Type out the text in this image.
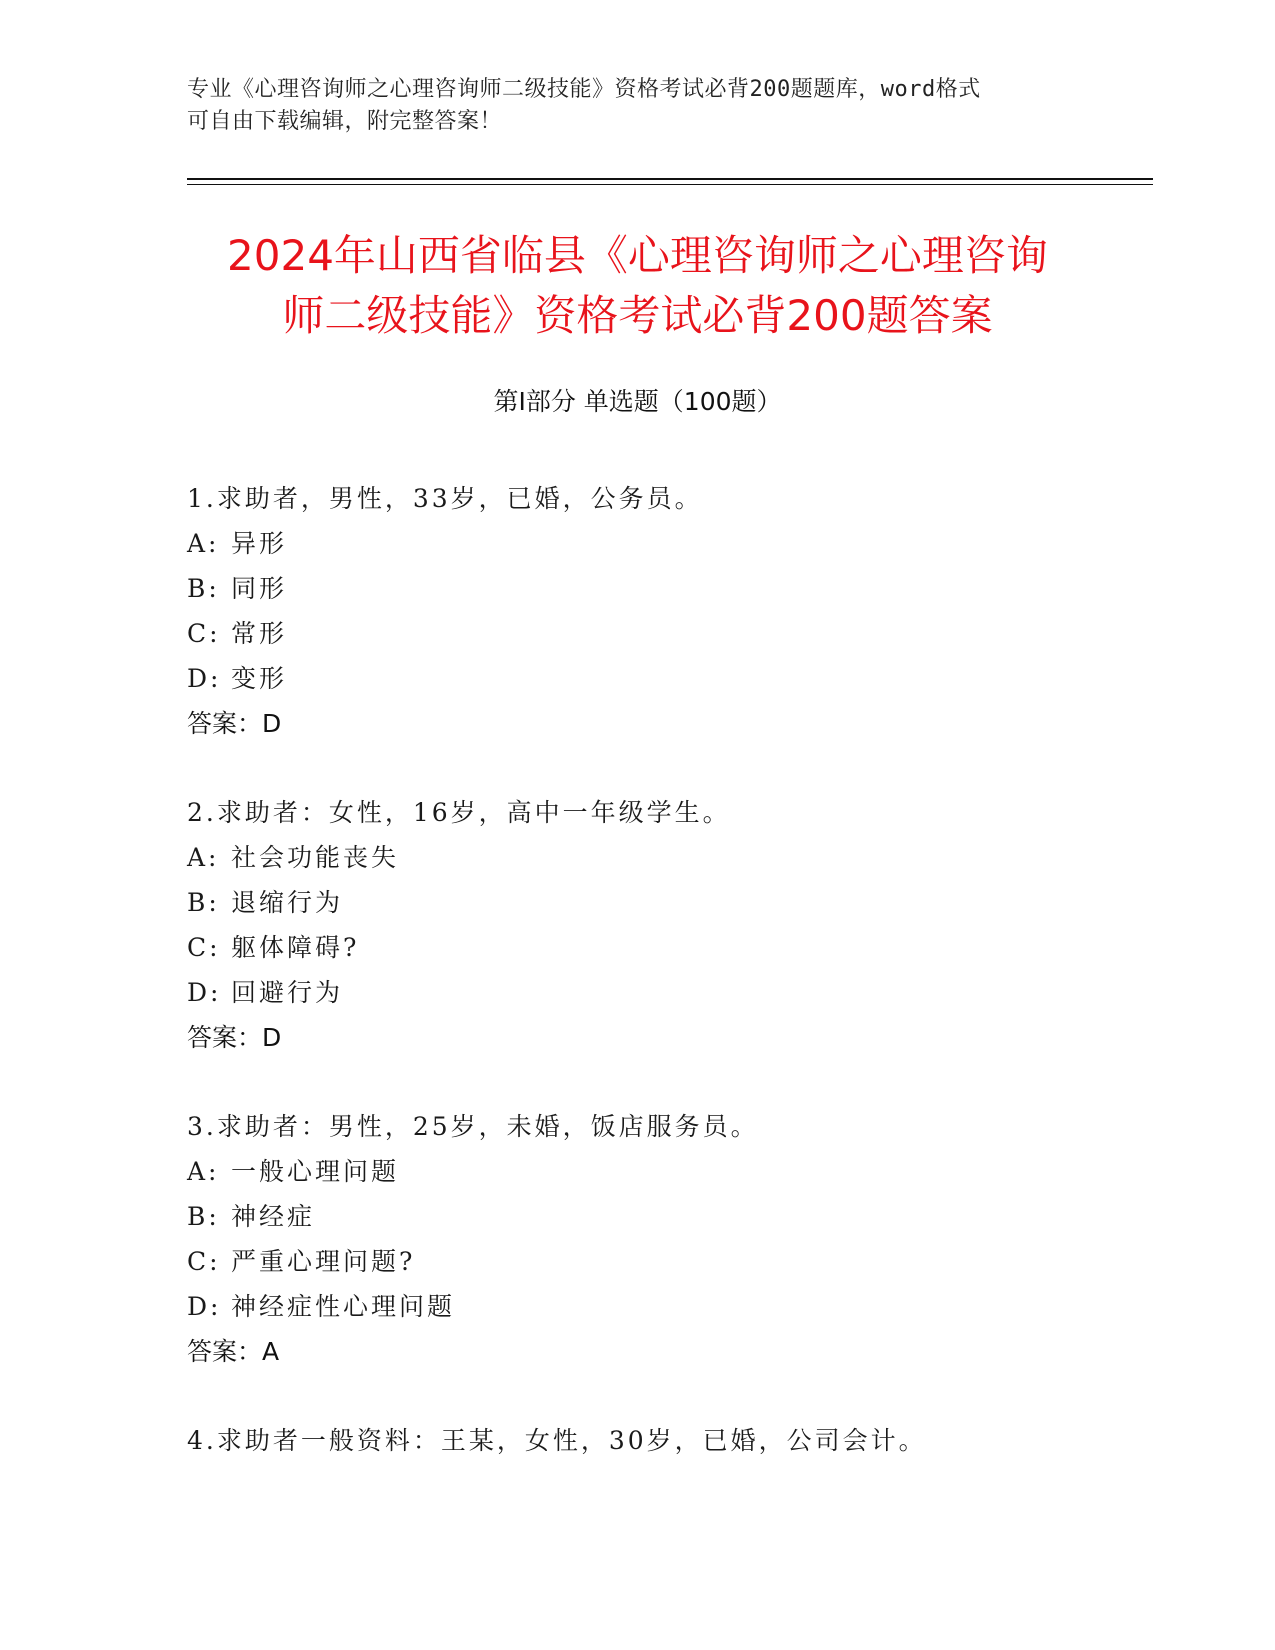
专业《心理咨询师之心理咨询师二级技能》资格考试必背200题题库，word格式
可自由下载编辑，附完整答案！
2024年山西省临县《心理咨询师之心理咨询
师二级技能》资格考试必背200题答案
第Ⅰ部分 单选题（100题）
1.求助者，男性，33岁，已婚，公务员。
A: 异形
B: 同形
C: 常形
D: 变形
答案：D
2.求助者：女性，16岁，高中一年级学生。
A: 社会功能丧失
B: 退缩行为
C: 躯体障碍?
D: 回避行为
答案：D
3.求助者：男性，25岁，未婚，饭店服务员。
A: 一般心理问题
B: 神经症
C: 严重心理问题?
D: 神经症性心理问题
答案：A
4.求助者一般资料：王某，女性，30岁，已婚，公司会计。
